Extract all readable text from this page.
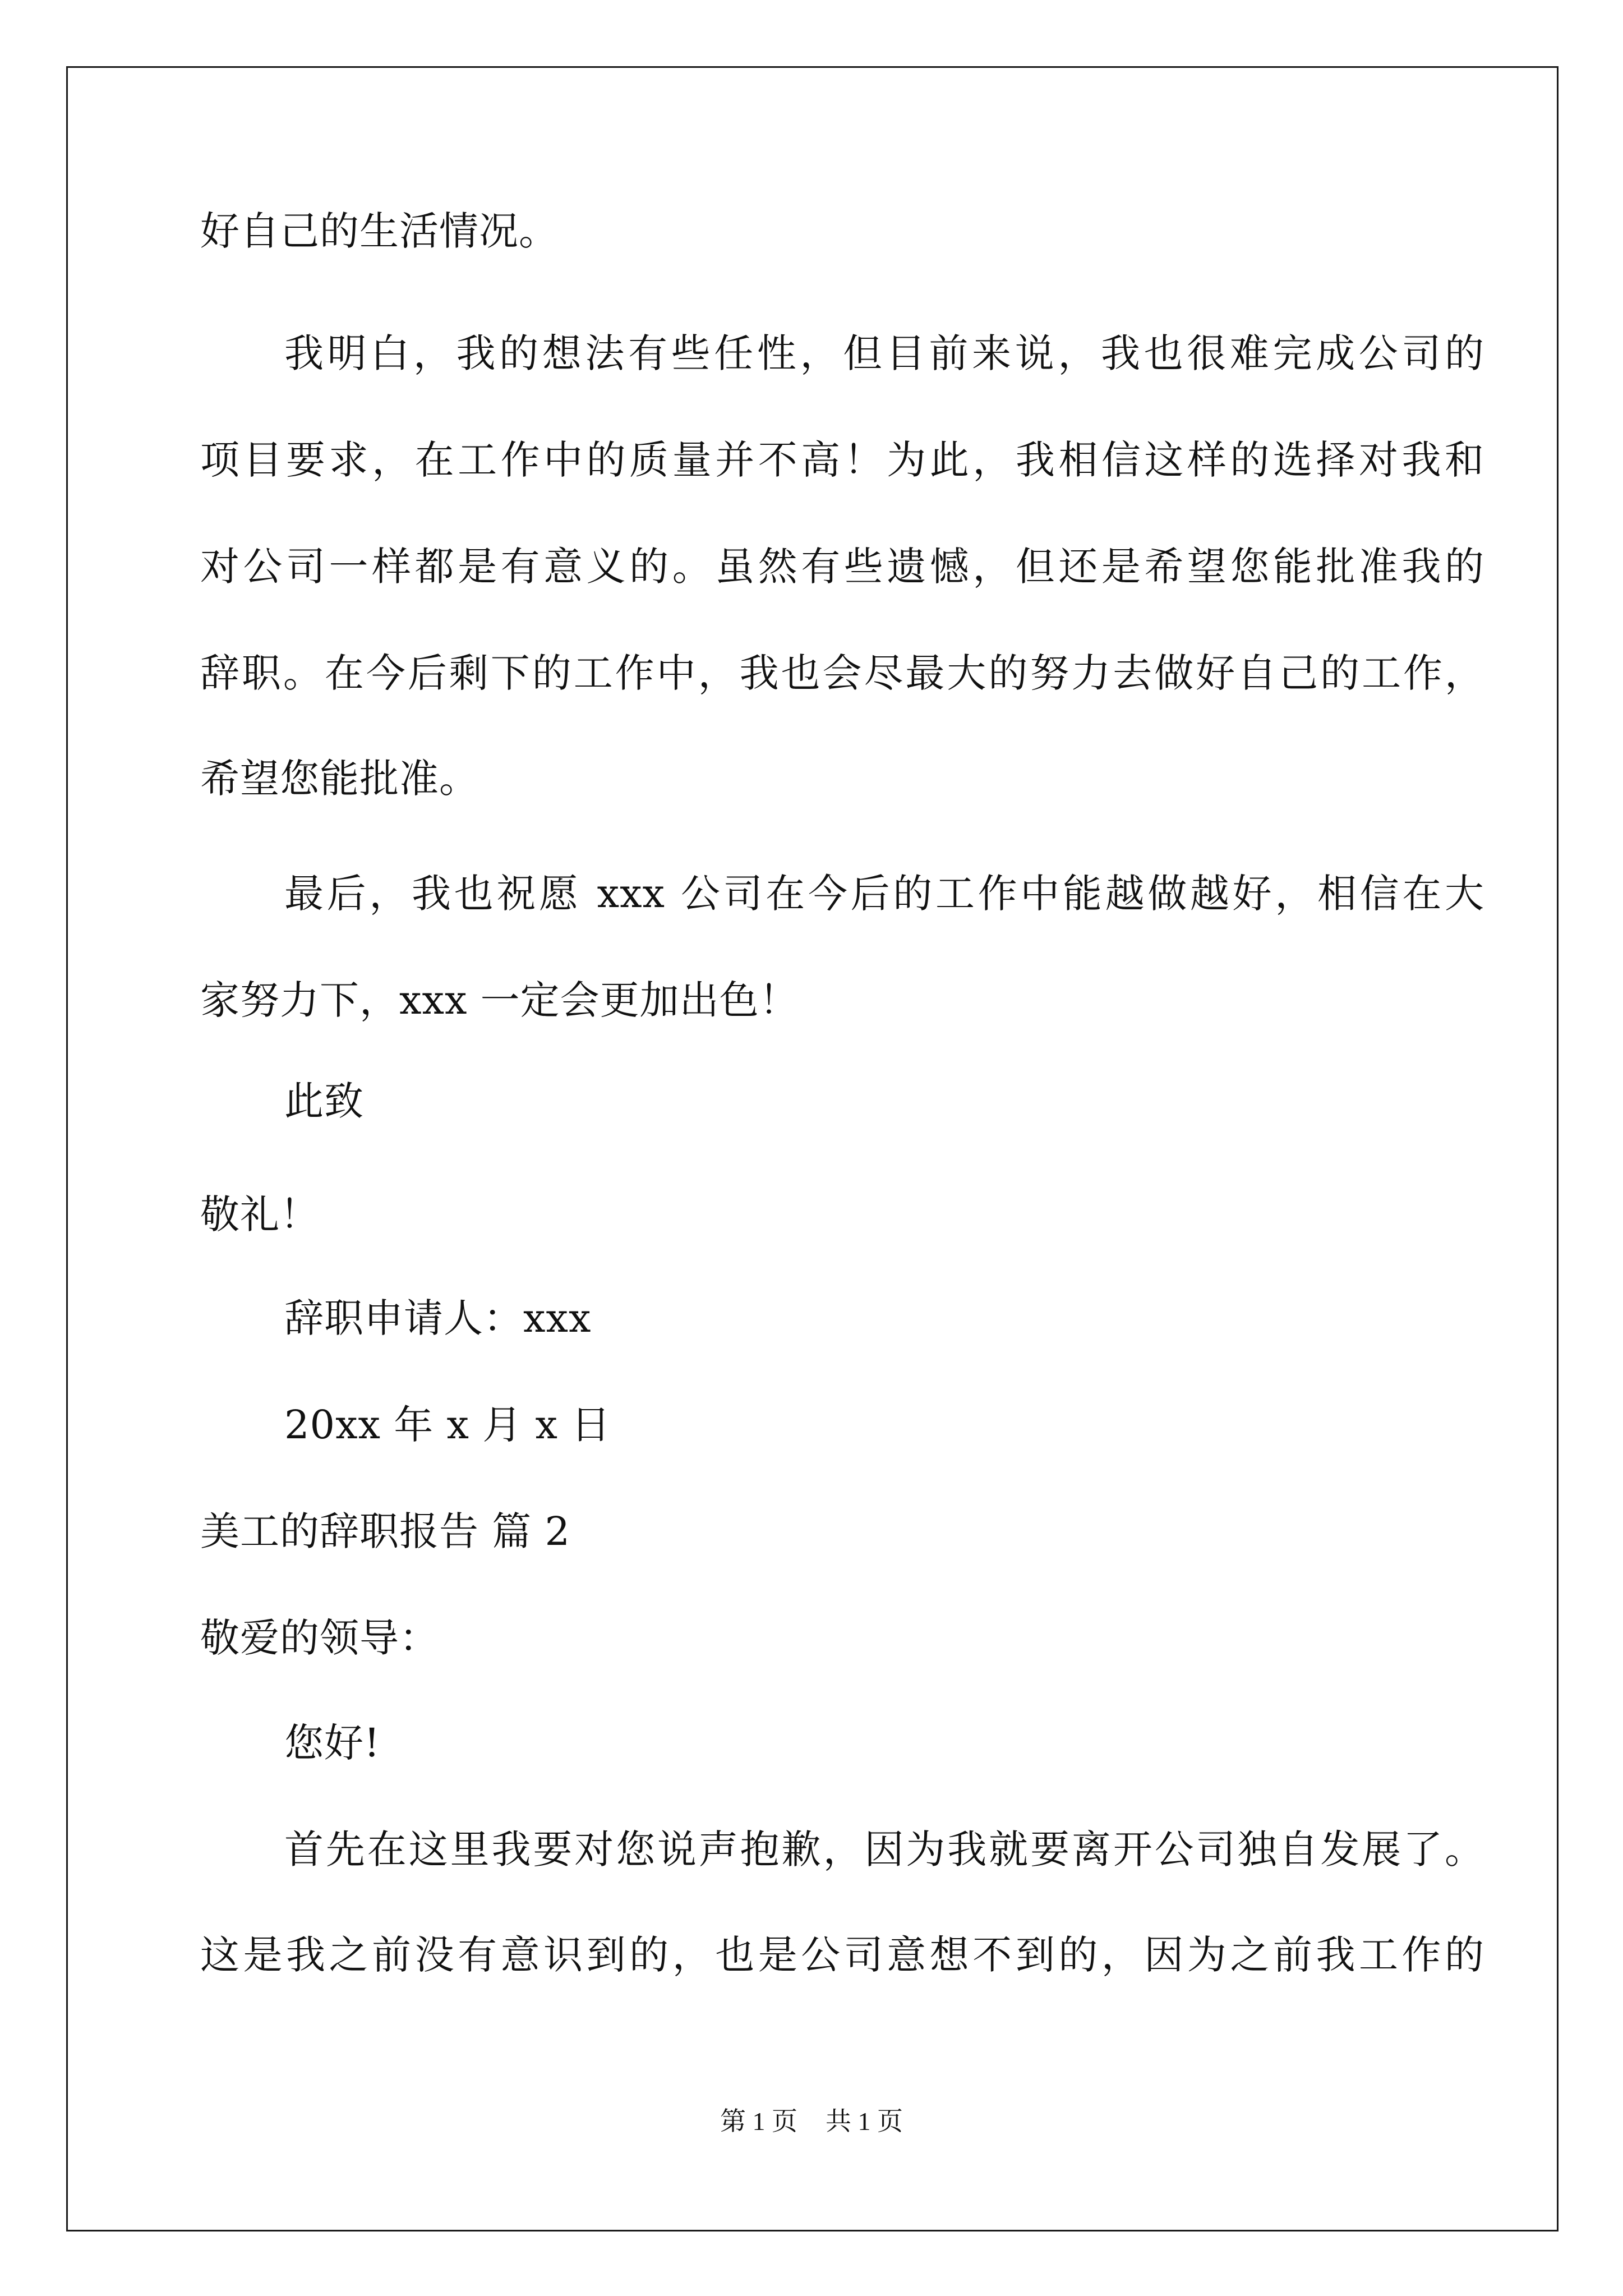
好自己的生活情况。
我明白，我的想法有些任性，但目前来说，我也很难完成公司的
项目要求，在工作中的质量并不高！为此，我相信这样的选择对我和
对公司一样都是有意义的。虽然有些遗憾，但还是希望您能批准我的
辞职。在今后剩下的工作中，我也会尽最大的努力去做好自己的工作，
希望您能批准。
最后，我也祝愿 xxx 公司在今后的工作中能越做越好，相信在大
家努力下，xxx 一定会更加出色！
此致
敬礼！
辞职申请人：xxx
20xx 年 x 月 x 日
美工的辞职报告 篇 2
敬爱的领导：
您好!
首先在这里我要对您说声抱歉，因为我就要离开公司独自发展了。
这是我之前没有意识到的，也是公司意想不到的，因为之前我工作的
第 1 页 共 1 页
